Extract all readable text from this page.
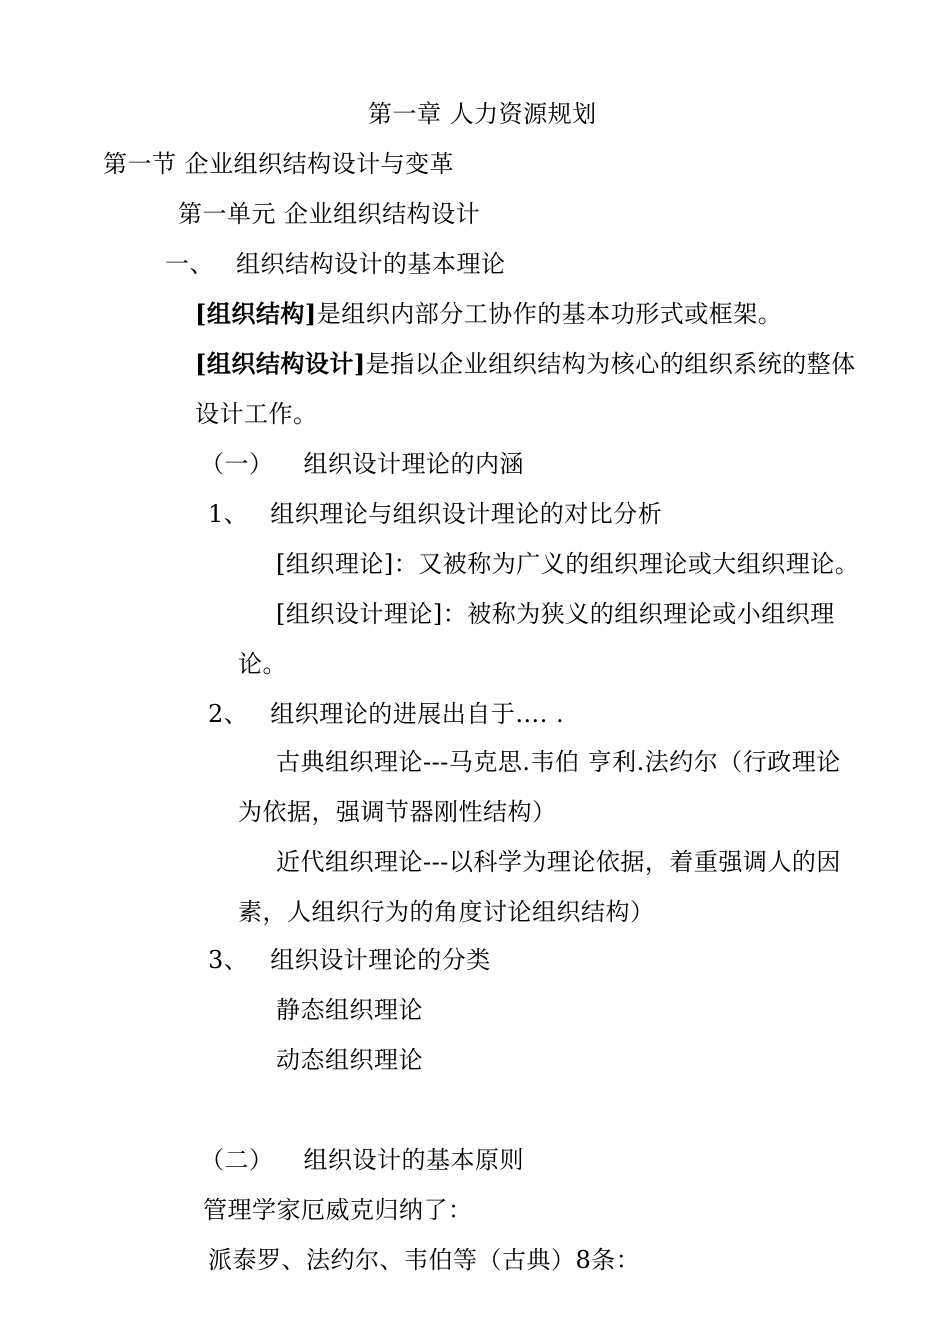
第一章 人力资源规划
第一节 企业组织结构设计与变革
第一单元 企业组织结构设计
一、 组织结构设计的基本理论
[组织结构]是组织内部分工协作的基本功形式或框架。
[组织结构设计]是指以企业组织结构为核心的组织系统的整体
设计工作。
（一） 组织设计理论的内涵
1、 组织理论与组织设计理论的对比分析
[组织理论]：又被称为广义的组织理论或大组织理论。
[组织设计理论]：被称为狭义的组织理论或小组织理
论。
2、 组织理论的进展出自于…. .
古典组织理论---马克思.韦伯 亨利.法约尔（行政理论
为依据，强调节器刚性结构）
近代组织理论---以科学为理论依据，着重强调人的因
素，人组织行为的角度讨论组织结构）
3、 组织设计理论的分类
静态组织理论
动态组织理论
（二） 组织设计的基本原则
管理学家厄威克归纳了：
派泰罗、法约尔、韦伯等（古典）8条：
